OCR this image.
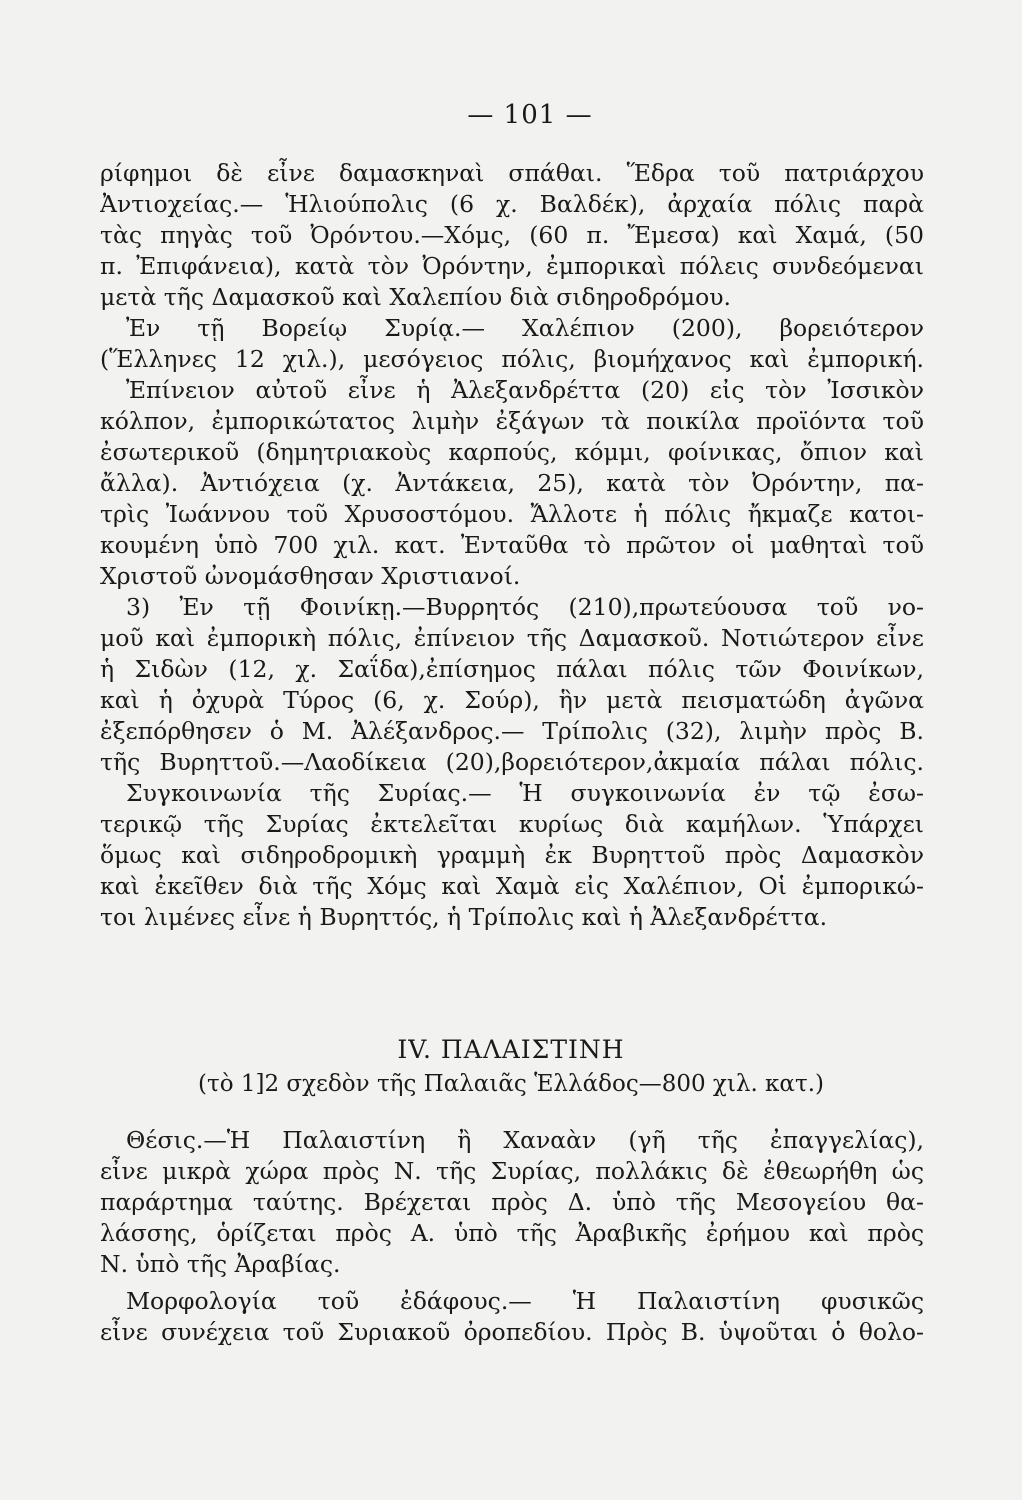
— 101 —
ρίφημοι δὲ εἶνε δαμασκηναὶ σπάθαι. Ἕδρα τοῦ πατριάρχου
Ἀντιοχείας.— Ἡλιούπολις (6 χ. Βαλδέκ), ἀρχαία πόλις παρὰ
τὰς πηγὰς τοῦ Ὀρόντου.—Χόμς, (60 π. Ἔμεσα) καὶ Χαμά, (50
π. Ἐπιφάνεια), κατὰ τὸν Ὀρόντην, ἐμπορικαὶ πόλεις συνδεόμεναι
μετὰ τῆς Δαμασκοῦ καὶ Χαλεπίου διὰ σιδηροδρόμου.
Ἐν τῇ Βορείῳ Συρίᾳ.— Χαλέπιον (200), βορειότερον
(Ἕλληνες 12 χιλ.), μεσόγειος πόλις, βιομήχανος καὶ ἐμπορική.
Ἐπίνειον αὐτοῦ εἶνε ἡ Ἀλεξανδρέττα (20) εἰς τὸν Ἰσσικὸν
κόλπον, ἐμπορικώτατος λιμὴν ἐξάγων τὰ ποικίλα προϊόντα τοῦ
ἐσωτερικοῦ (δημητριακοὺς καρπούς, κόμμι, φοίνικας, ὄπιον καὶ
ἄλλα). Ἀντιόχεια (χ. Ἀντάκεια, 25), κατὰ τὸν Ὀρόντην, πα-
τρὶς Ἰωάννου τοῦ Χρυσοστόμου. Ἄλλοτε ἡ πόλις ἤκμαζε κατοι-
κουμένη ὑπὸ 700 χιλ. κατ. Ἐνταῦθα τὸ πρῶτον οἱ μαθηταὶ τοῦ
Χριστοῦ ὠνομάσθησαν Χριστιανοί.
3) Ἐν τῇ Φοινίκῃ.—Βυρρητός (210),πρωτεύουσα τοῦ νο-
μοῦ καὶ ἐμπορικὴ πόλις, ἐπίνειον τῆς Δαμασκοῦ. Νοτιώτερον εἶνε
ἡ Σιδὼν (12, χ. Σαΐδα),ἐπίσημος πάλαι πόλις τῶν Φοινίκων,
καὶ ἡ ὀχυρὰ Τύρος (6, χ. Σούρ), ἣν μετὰ πεισματώδη ἀγῶνα
ἐξεπόρθησεν ὁ Μ. Ἀλέξανδρος.— Τρίπολις (32), λιμὴν πρὸς Β.
τῆς Βυρηττοῦ.—Λαοδίκεια (20),βορειότερον,ἀκμαία πάλαι πόλις.
Συγκοινωνία τῆς Συρίας.— Ἡ συγκοινωνία ἐν τῷ ἐσω-
τερικῷ τῆς Συρίας ἐκτελεῖται κυρίως διὰ καμήλων. Ὑπάρχει
ὅμως καὶ σιδηροδρομικὴ γραμμὴ ἐκ Βυρηττοῦ πρὸς Δαμασκὸν
καὶ ἐκεῖθεν διὰ τῆς Χόμς καὶ Χαμὰ εἰς Χαλέπιον, Οἱ ἐμπορικώ-
τοι λιμένες εἶνε ἡ Βυρηττός, ἡ Τρίπολις καὶ ἡ Ἀλεξανδρέττα.
IV. ΠΑΛΑΙΣΤΙΝΗ
(τὸ 1]2 σχεδὸν τῆς Παλαιᾶς Ἑλλάδος—800 χιλ. κατ.)
Θέσις.—Ἡ Παλαιστίνη ἢ Χαναὰν (γῆ τῆς ἐπαγγελίας),
εἶνε μικρὰ χώρα πρὸς Ν. τῆς Συρίας, πολλάκις δὲ ἐθεωρήθη ὡς
παράρτημα ταύτης. Βρέχεται πρὸς Δ. ὑπὸ τῆς Μεσογείου θα-
λάσσης, ὁρίζεται πρὸς Α. ὑπὸ τῆς Ἀραβικῆς ἐρήμου καὶ πρὸς
Ν. ὑπὸ τῆς Ἀραβίας.
Μορφολογία τοῦ ἐδάφους.— Ἡ Παλαιστίνη φυσικῶς
εἶνε συνέχεια τοῦ Συριακοῦ ὀροπεδίου. Πρὸς Β. ὑψοῦται ὁ θολο-
